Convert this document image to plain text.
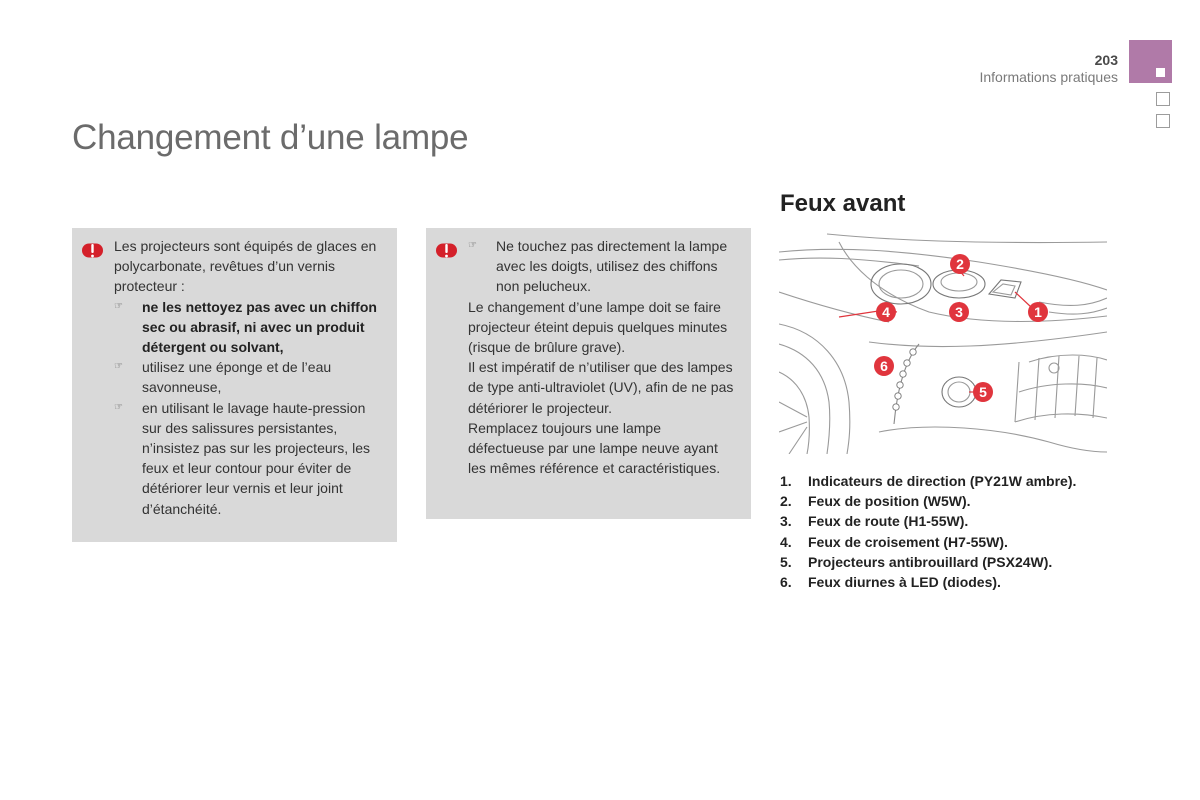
203
Informations pratiques
Changement d’une lampe

Les projecteurs sont équipés de glaces en polycarbonate, revêtues d’un vernis protecteur :

☞ ne les nettoyez pas avec un chiffon sec ou abrasif, ni avec un produit détergent ou solvant,
☞ utilisez une éponge et de l’eau savonneuse,
☞ en utilisant le lavage haute-pression sur des salissures persistantes, n’insistez pas sur les projecteurs, les feux et leur contour pour éviter de détériorer leur vernis et leur joint d’étanchéité.
☞ Ne touchez pas directement la lampe avec les doigts, utilisez des chiffons non pelucheux.

Le changement d’une lampe doit se faire projecteur éteint depuis quelques minutes (risque de brûlure grave).

Il est impératif de n’utiliser que des lampes de type anti-ultraviolet (UV), afin de ne pas détériorer le projecteur.

Remplacez toujours une lampe défectueuse par une lampe neuve ayant les mêmes référence et caractéristiques.

Feux avant
1
2
3
4
5
6
1.	Indicateurs de direction (PY21W ambre).
2.	Feux de position (W5W).
3.	Feux de route (H1-55W).
4.	Feux de croisement (H7-55W).
5.	Projecteurs antibrouillard (PSX24W).
6.	Feux diurnes à LED (diodes).
